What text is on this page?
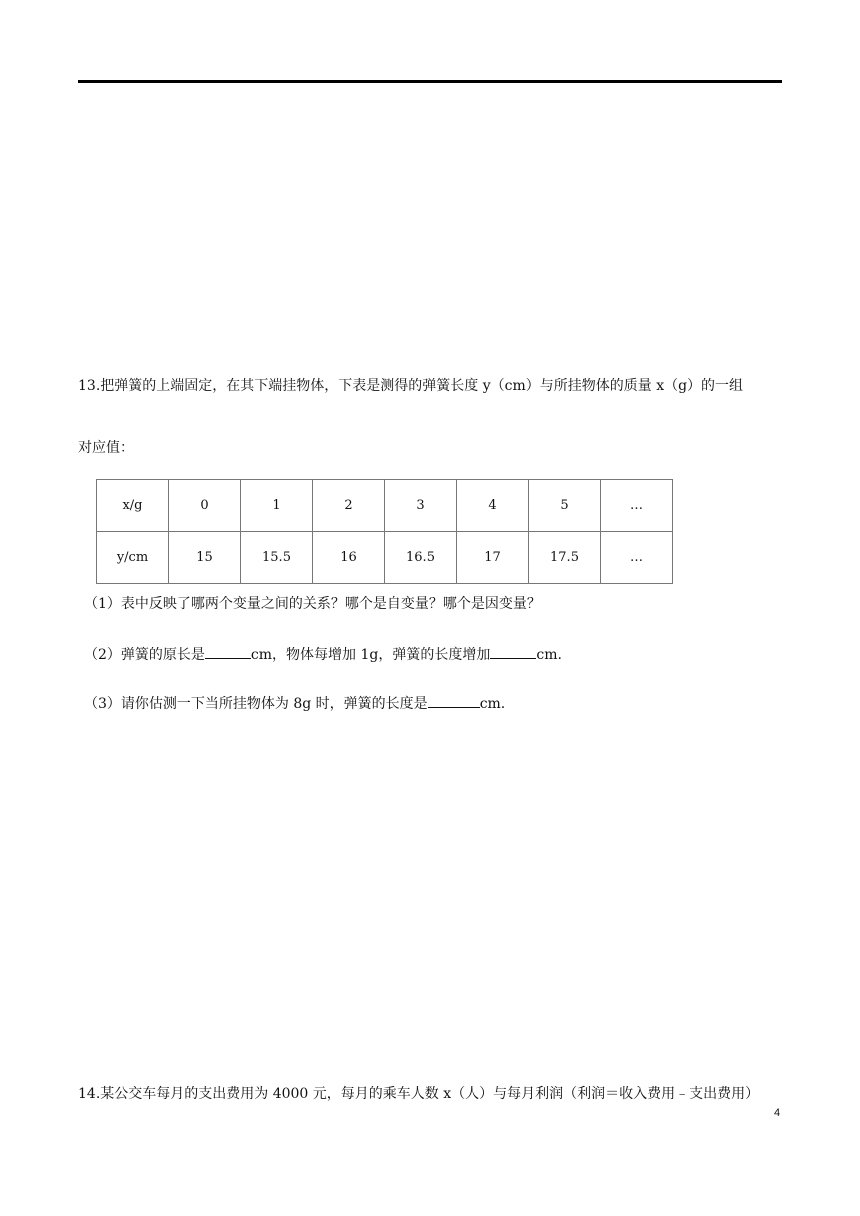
13.把弹簧的上端固定，在其下端挂物体，下表是测得的弹簧长度 y（cm）与所挂物体的质量 x（g）的一组
对应值：
x/g	0	1	2	3	4	5	…
y/cm	15	15.5	16	16.5	17	17.5	…
（1）表中反映了哪两个变量之间的关系？哪个是自变量？哪个是因变量？
（2）弹簧的原长是	cm，物体每增加 1g，弹簧的长度增加	cm.
（3）请你估测一下当所挂物体为 8g 时，弹簧的长度是	cm.
14.某公交车每月的支出费用为 4000 元，每月的乘车人数 x（人）与每月利润（利润＝收入费用﹣支出费用）
4
